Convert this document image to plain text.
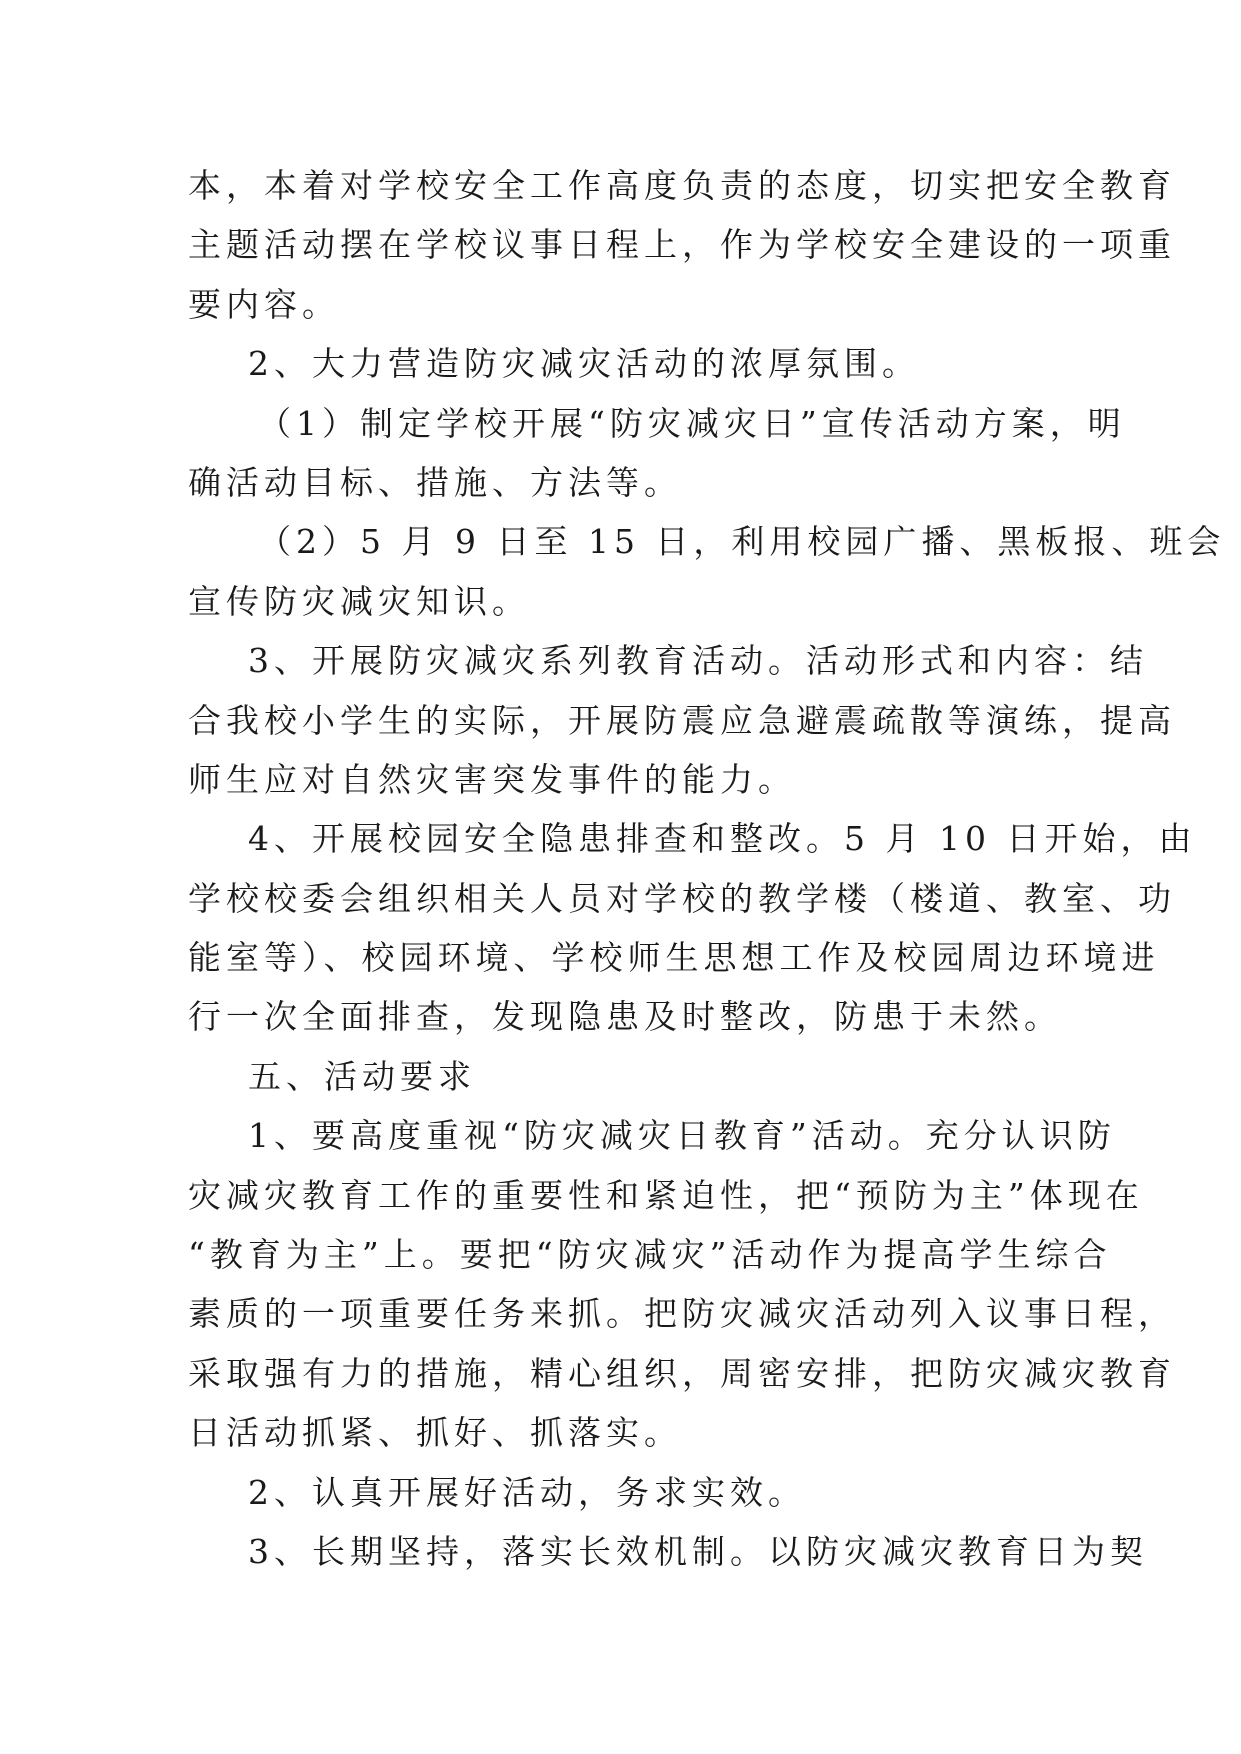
本，本着对学校安全工作高度负责的态度，切实把安全教育
主题活动摆在学校议事日程上，作为学校安全建设的一项重
要内容。
2、大力营造防灾减灾活动的浓厚氛围。
（1）制定学校开展“防灾减灾日”宣传活动方案，明
确活动目标、措施、方法等。
（2）5 月 9 日至 15 日，利用校园广播、黑板报、班会
宣传防灾减灾知识。
3、开展防灾减灾系列教育活动。活动形式和内容：结
合我校小学生的实际，开展防震应急避震疏散等演练，提高
师生应对自然灾害突发事件的能力。
4、开展校园安全隐患排查和整改。5 月 10 日开始，由
学校校委会组织相关人员对学校的教学楼（楼道、教室、功
能室等）、校园环境、学校师生思想工作及校园周边环境进
行一次全面排查，发现隐患及时整改，防患于未然。
五、活动要求
1、要高度重视“防灾减灾日教育”活动。充分认识防
灾减灾教育工作的重要性和紧迫性，把“预防为主”体现在
“教育为主”上。要把“防灾减灾”活动作为提高学生综合
素质的一项重要任务来抓。把防灾减灾活动列入议事日程，
采取强有力的措施，精心组织，周密安排，把防灾减灾教育
日活动抓紧、抓好、抓落实。
2、认真开展好活动，务求实效。
3、长期坚持，落实长效机制。以防灾减灾教育日为契
